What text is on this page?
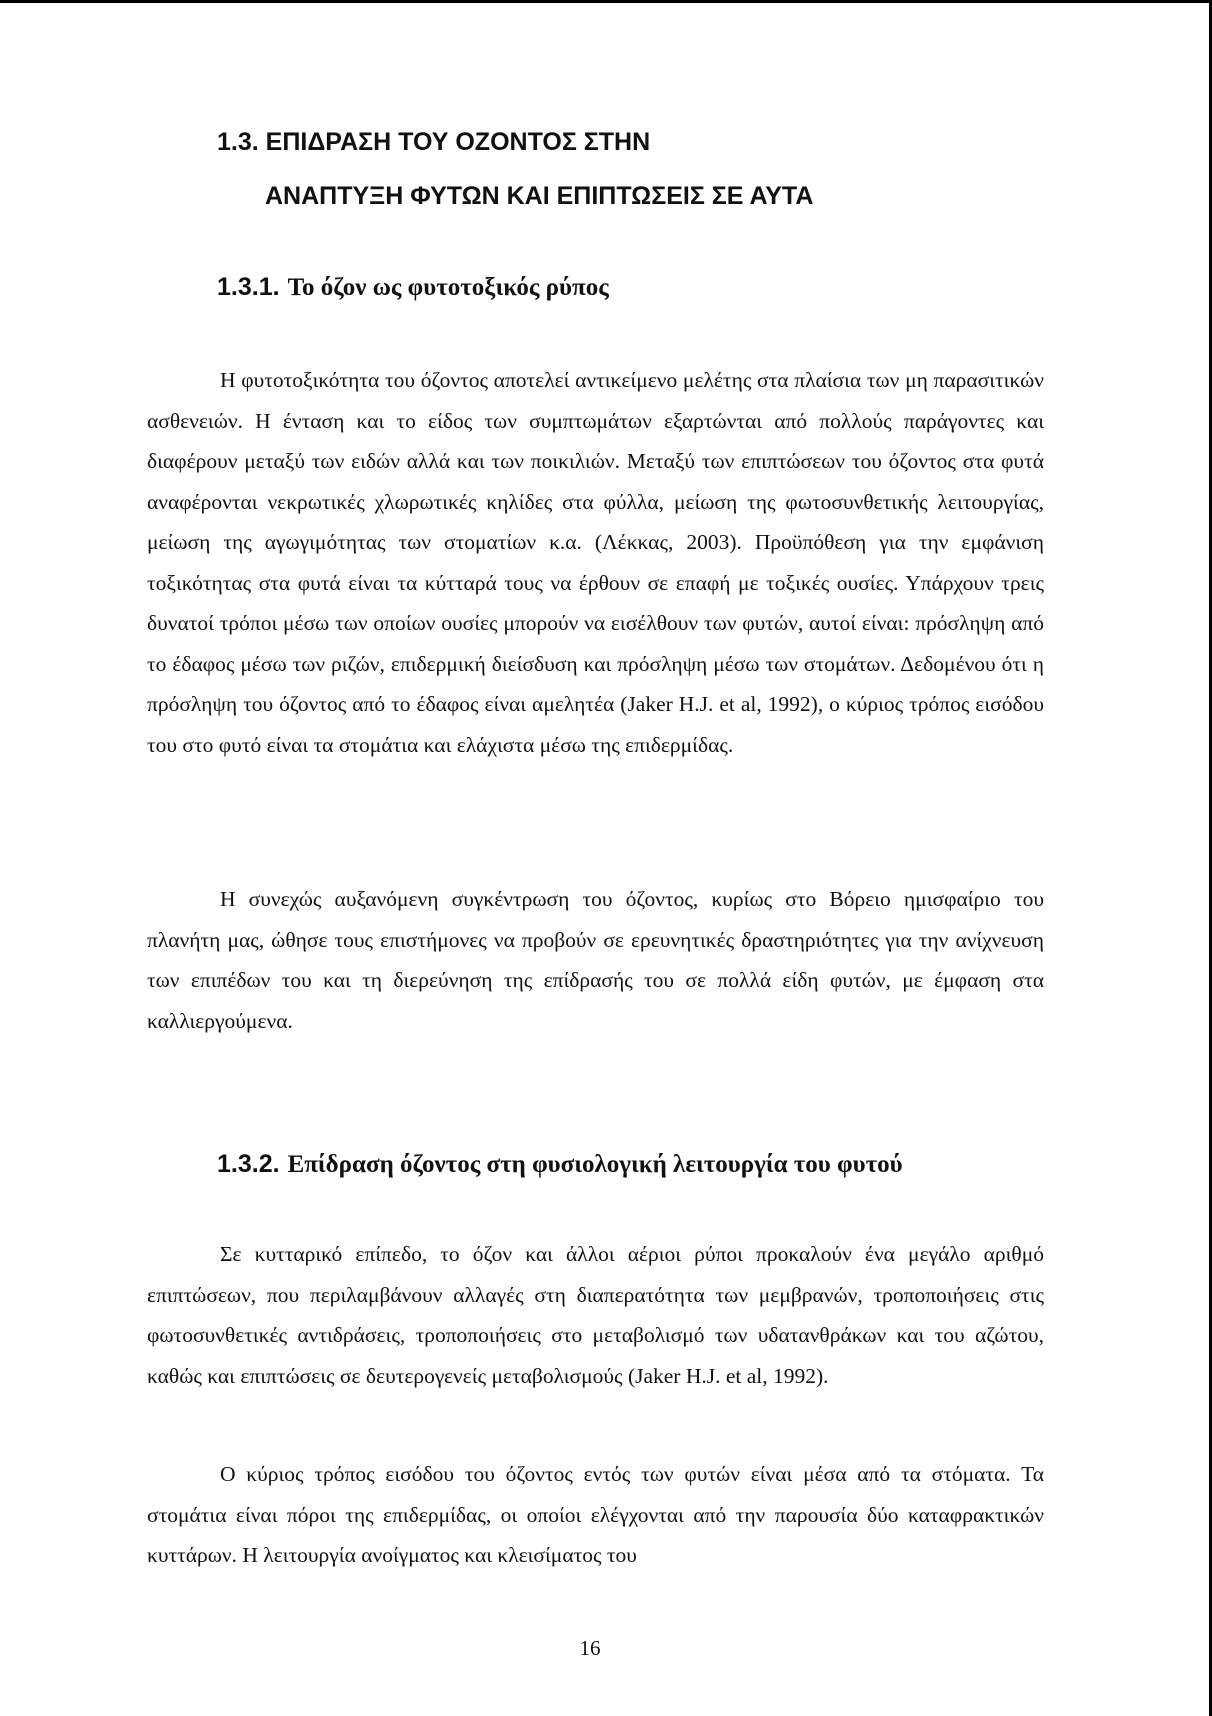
1.3. ΕΠΙΔΡΑΣΗ ΤΟΥ ΟΖΟΝΤΟΣ ΣΤΗΝ
ΑΝΑΠΤΥΞΗ ΦΥΤΩΝ ΚΑΙ ΕΠΙΠΤΩΣΕΙΣ ΣΕ ΑΥΤΑ
1.3.1. Το όζον ως φυτοτοξικός ρύπος

Η φυτοτοξικότητα του όζοντος αποτελεί αντικείμενο μελέτης στα πλαίσια των μη παρασιτικών ασθενειών. Η ένταση και το είδος των συμπτωμάτων εξαρτώνται από πολλούς παράγοντες και διαφέρουν μεταξύ των ειδών αλλά και των ποικιλιών. Μεταξύ των επιπτώσεων του όζοντος στα φυτά αναφέρονται νεκρωτικές χλωρωτικές κηλίδες στα φύλλα, μείωση της φωτοσυνθετικής λειτουργίας, μείωση της αγωγιμότητας των στοματίων κ.α. (Λέκκας, 2003). Προϋπόθεση για την εμφάνιση τοξικότητας στα φυτά είναι τα κύτταρά τους να έρθουν σε επαφή με τοξικές ουσίες. Υπάρχουν τρεις δυνατοί τρόποι μέσω των οποίων ουσίες μπορούν να εισέλθουν των φυτών, αυτοί είναι: πρόσληψη από το έδαφος μέσω των ριζών, επιδερμική διείσδυση και πρόσληψη μέσω των στομάτων. Δεδομένου ότι η πρόσληψη του όζοντος από το έδαφος είναι αμελητέα (Jaker H.J. et al, 1992), ο κύριος τρόπος εισόδου του στο φυτό είναι τα στομάτια και ελάχιστα μέσω της επιδερμίδας.

Η συνεχώς αυξανόμενη συγκέντρωση του όζοντος, κυρίως στο Βόρειο ημισφαίριο του πλανήτη μας, ώθησε τους επιστήμονες να προβούν σε ερευνητικές δραστηριότητες για την ανίχνευση των επιπέδων του και τη διερεύνηση της επίδρασής του σε πολλά είδη φυτών, με έμφαση στα καλλιεργούμενα.

1.3.2. Επίδραση όζοντος στη φυσιολογική λειτουργία του φυτού

Σε κυτταρικό επίπεδο, το όζον και άλλοι αέριοι ρύποι προκαλούν ένα μεγάλο αριθμό επιπτώσεων, που περιλαμβάνουν αλλαγές στη διαπερατότητα των μεμβρανών, τροποποιήσεις στις φωτοσυνθετικές αντιδράσεις, τροποποιήσεις στο μεταβολισμό των υδατανθράκων και του αζώτου, καθώς και επιπτώσεις σε δευτερογενείς μεταβολισμούς (Jaker H.J. et al, 1992).

Ο κύριος τρόπος εισόδου του όζοντος εντός των φυτών είναι μέσα από τα στόματα. Τα στομάτια είναι πόροι της επιδερμίδας, οι οποίοι ελέγχονται από την παρουσία δύο καταφρακτικών κυττάρων. Η λειτουργία ανοίγματος και κλεισίματος του

16
